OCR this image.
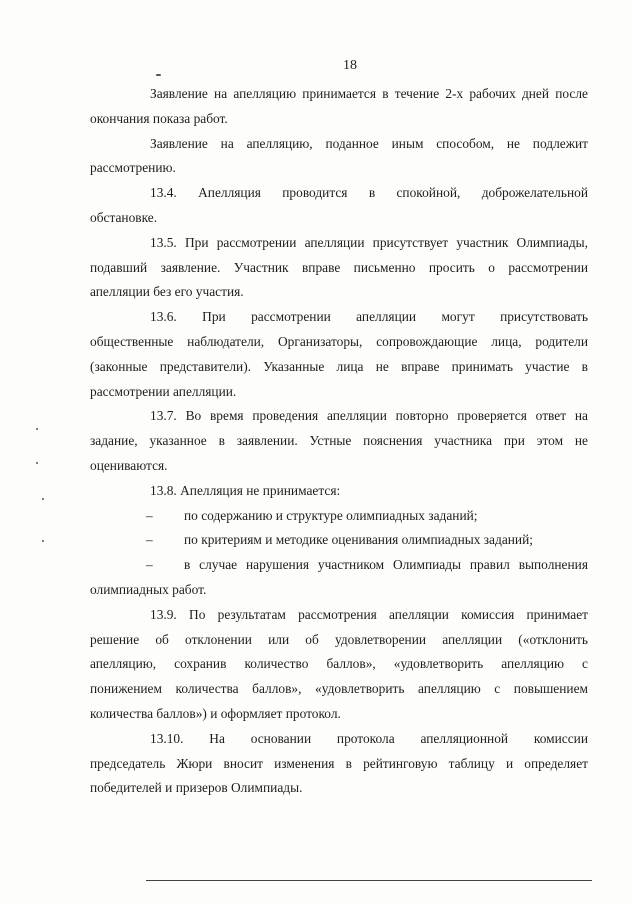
18
Заявление на апелляцию принимается в течение 2-х рабочих дней после
окончания показа работ.
Заявление на апелляцию, поданное иным способом, не подлежит
рассмотрению.
13.4. Апелляция проводится в спокойной, доброжелательной
обстановке.
13.5. При рассмотрении апелляции присутствует участник Олимпиады,
подавший заявление. Участник вправе письменно просить о рассмотрении
апелляции без его участия.
13.6. При рассмотрении апелляции могут присутствовать
общественные наблюдатели, Организаторы, сопровождающие лица, родители
(законные представители). Указанные лица не вправе принимать участие в
рассмотрении апелляции.
13.7. Во время проведения апелляции повторно проверяется ответ на
задание, указанное в заявлении. Устные пояснения участника при этом не
оцениваются.
13.8. Апелляция не принимается:
– по содержанию и структуре олимпиадных заданий;
– по критериям и методике оценивания олимпиадных заданий;
– в случае нарушения участником Олимпиады правил выполнения
олимпиадных работ.
13.9. По результатам рассмотрения апелляции комиссия принимает
решение об отклонении или об удовлетворении апелляции («отклонить
апелляцию, сохранив количество баллов», «удовлетворить апелляцию с
понижением количества баллов», «удовлетворить апелляцию с повышением
количества баллов») и оформляет протокол.
13.10. На основании протокола апелляционной комиссии
председатель Жюри вносит изменения в рейтинговую таблицу и определяет
победителей и призеров Олимпиады.
